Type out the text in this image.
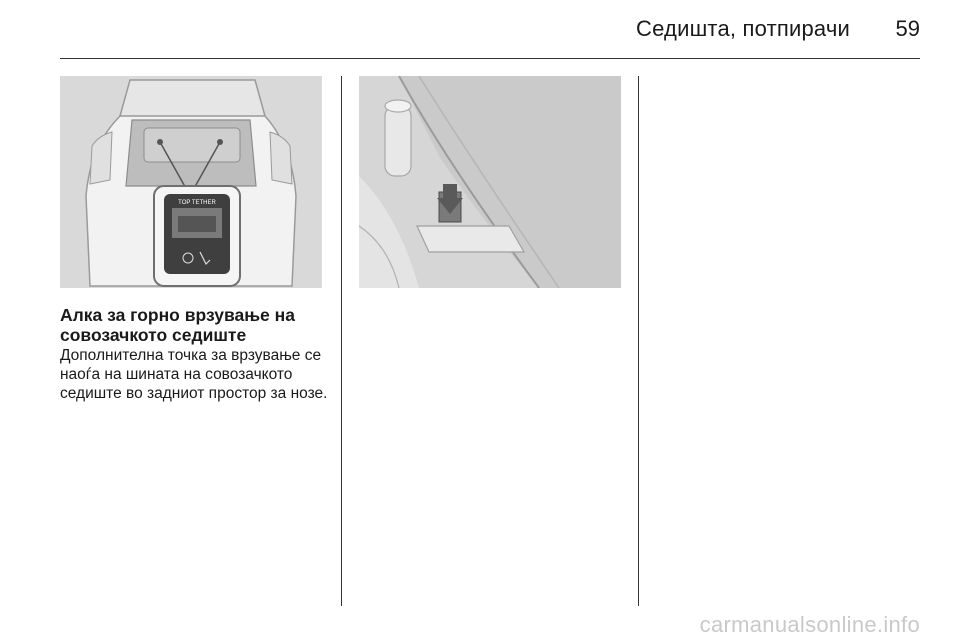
Седишта, потпирачи	59
TOP TETHER
Алка за горно врзување на совозачкото седиште
Дополнителна точка за врзување се наоѓа на шината на совозачкото седиште во задниот простор за нозе.
carmanualsonline.info
